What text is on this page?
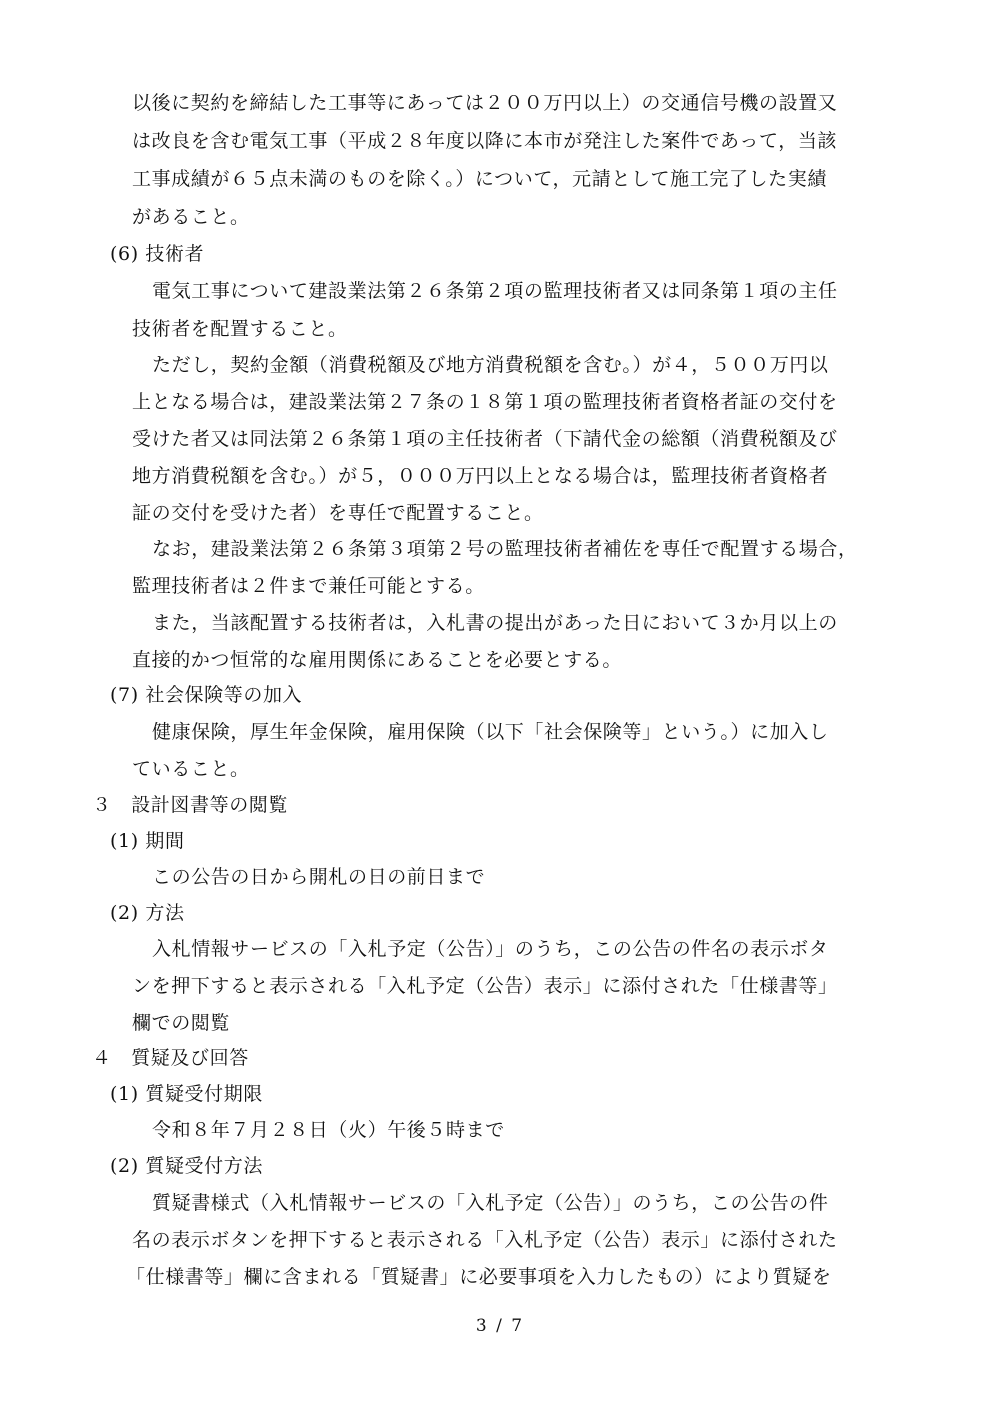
以後に契約を締結した工事等にあっては２００万円以上）の交通信号機の設置又
は改良を含む電気工事（平成２８年度以降に本市が発注した案件であって，当該
工事成績が６５点未満のものを除く。）について，元請として施工完了した実績
があること。
(6) 技術者
電気工事について建設業法第２６条第２項の監理技術者又は同条第１項の主任
技術者を配置すること。
ただし，契約金額（消費税額及び地方消費税額を含む。）が４，５００万円以
上となる場合は，建設業法第２７条の１８第１項の監理技術者資格者証の交付を
受けた者又は同法第２６条第１項の主任技術者（下請代金の総額（消費税額及び
地方消費税額を含む。）が５，０００万円以上となる場合は，監理技術者資格者
証の交付を受けた者）を専任で配置すること。
なお，建設業法第２６条第３項第２号の監理技術者補佐を専任で配置する場合，
監理技術者は２件まで兼任可能とする。
また，当該配置する技術者は，入札書の提出があった日において３か月以上の
直接的かつ恒常的な雇用関係にあることを必要とする。
(7) 社会保険等の加入
健康保険，厚生年金保険，雇用保険（以下「社会保険等」という。）に加入し
ていること。
３　設計図書等の閲覧
(1) 期間
この公告の日から開札の日の前日まで
(2) 方法
入札情報サービスの「入札予定（公告）」のうち，この公告の件名の表示ボタ
ンを押下すると表示される「入札予定（公告）表示」に添付された「仕様書等」
欄での閲覧
４　質疑及び回答
(1) 質疑受付期限
令和８年７月２８日（火）午後５時まで
(2) 質疑受付方法
質疑書様式（入札情報サービスの「入札予定（公告）」のうち，この公告の件
名の表示ボタンを押下すると表示される「入札予定（公告）表示」に添付された
「仕様書等」欄に含まれる「質疑書」に必要事項を入力したもの）により質疑を
3 / 7
